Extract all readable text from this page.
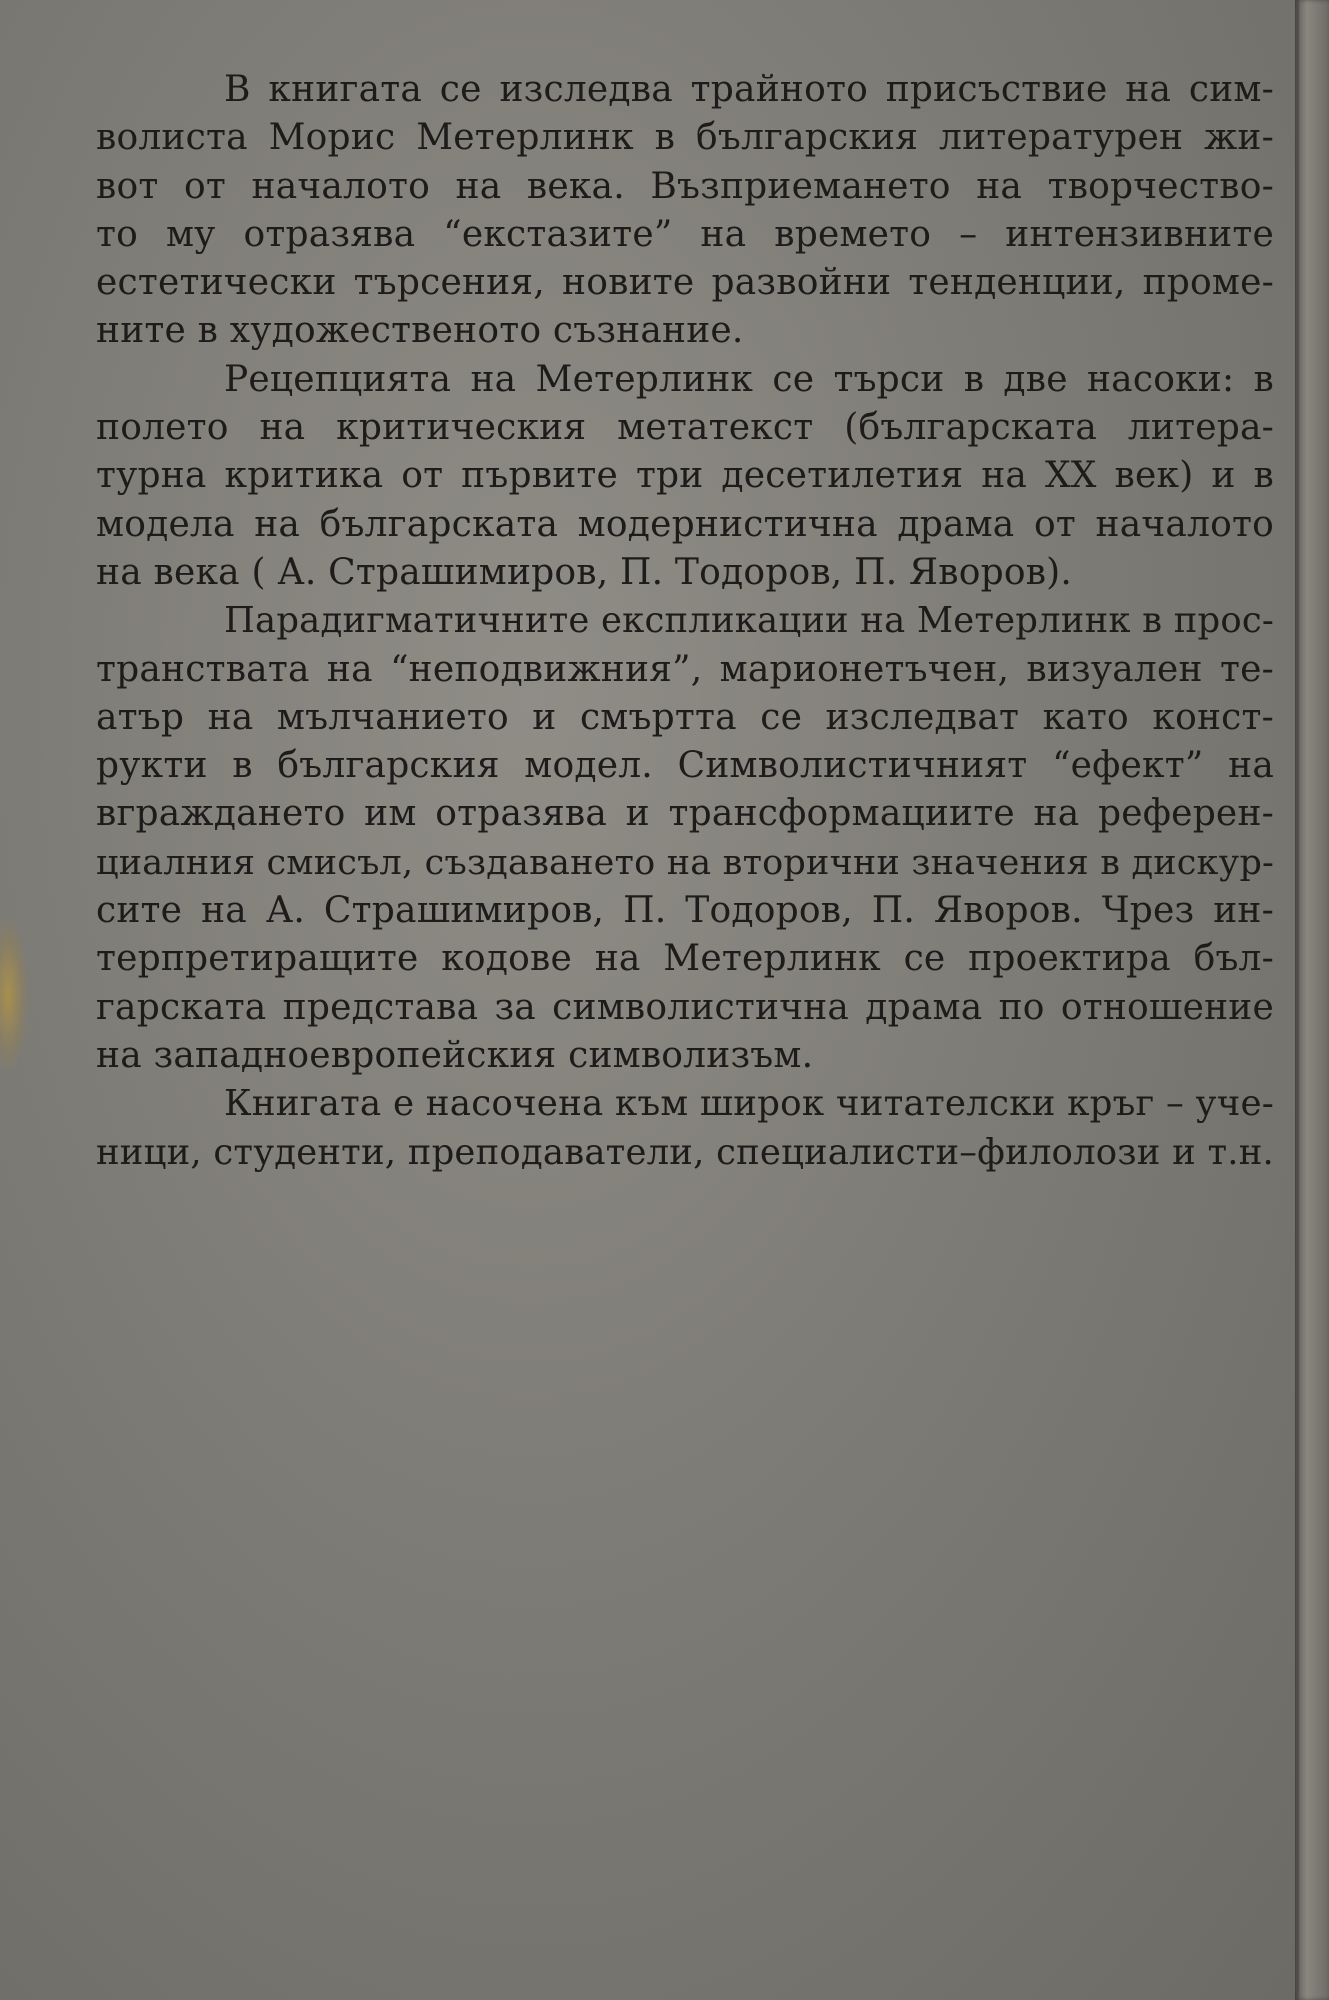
В книгата се изследва трайното присъствие на сим-
волиста Морис Метерлинк в българския литературен жи-
вот от началото на века. Възприемането на творчество-
то му отразява “екстазите” на времето – интензивните
естетически търсения, новите развойни тенденции, проме-
ните в художественото съзнание.

Рецепцията на Метерлинк се търси в две насоки: в
полето на критическия метатекст (българската литера-
турна критика от първите три десетилетия на XX век) и в
модела на българската модернистична драма от началото
на века ( А. Страшимиров, П. Тодоров, П. Яворов).

Парадигматичните експликации на Метерлинк в прос-
транствата на “неподвижния”, марионетъчен, визуален те-
атър на мълчанието и смъртта се изследват като конст-
рукти в българския модел. Символистичният “ефект” на
вграждането им отразява и трансформациите на референ-
циалния смисъл, създаването на вторични значения в дискур-
сите на А. Страшимиров, П. Тодоров, П. Яворов. Чрез ин-
терпретиращите кодове на Метерлинк се проектира бъл-
гарската представа за символистична драма по отношение
на западноевропейския символизъм.

Книгата е насочена към широк читателски кръг – уче-
ници, студенти, преподаватели, специалисти–филолози и т.н.
